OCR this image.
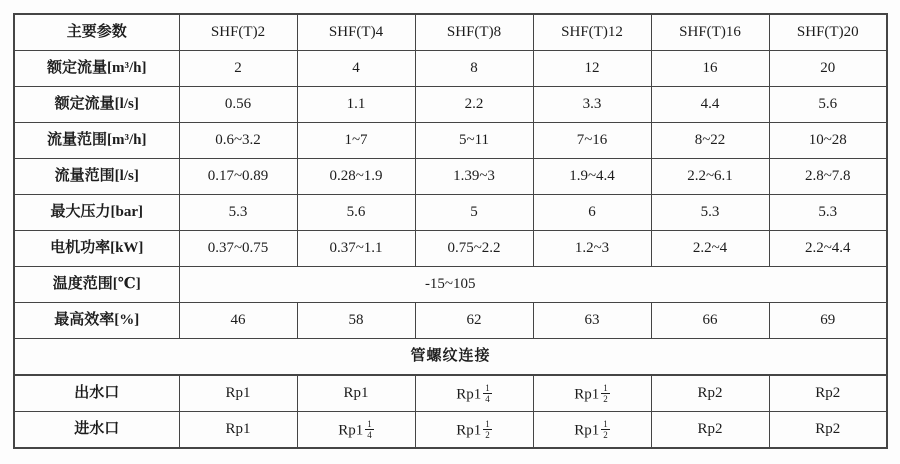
主要参数	SHF(T)2	SHF(T)4	SHF(T)8	SHF(T)12	SHF(T)16	SHF(T)20
额定流量[m³/h]	2	4	8	12	16	20
额定流量[l/s]	0.56	1.1	2.2	3.3	4.4	5.6
流量范围[m³/h]	0.6~3.2	1~7	5~11	7~16	8~22	10~28
流量范围[l/s]	0.17~0.89	0.28~1.9	1.39~3	1.9~4.4	2.2~6.1	2.8~7.8
最大压力[bar]	5.3	5.6	5	6	5.3	5.3
电机功率[kW]	0.37~0.75	0.37~1.1	0.75~2.2	1.2~3	2.2~4	2.2~4.4
温度范围[℃]	-15~105					
最高效率[%]	46	58	62	63	66	69
管螺纹连接						
出水口	Rp1	Rp1	$Rp1 \frac{1}{4}$	$Rp1 \frac{1}{2}$	Rp2	Rp2
进水口	Rp1	$Rp1 \frac{1}{4}$	$Rp1 \frac{1}{2}$	$Rp1 \frac{1}{2}$	Rp2	Rp2
